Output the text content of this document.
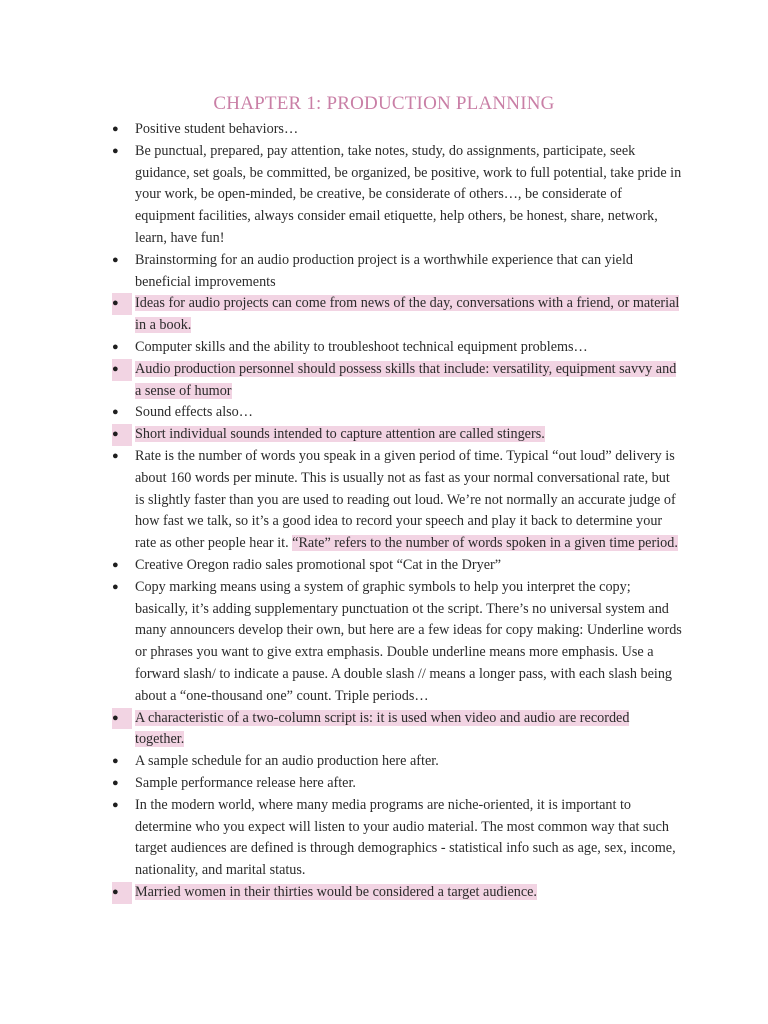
CHAPTER 1: PRODUCTION PLANNING
●	Positive student behaviors…
●	Be punctual, prepared, pay attention, take notes, study, do assignments, participate, seek guidance, set goals, be committed, be organized, be positive, work to full potential, take pride in your work, be open-minded, be creative, be considerate of others…, be considerate of equipment facilities, always consider email etiquette, help others, be honest, share, network, learn, have fun!
●	Brainstorming for an audio production project is a worthwhile experience that can yield beneficial improvements
●	Ideas for audio projects can come from news of the day, conversations with a friend, or material in a book.
●	Computer skills and the ability to troubleshoot technical equipment problems…
●	Audio production personnel should possess skills that include: versatility, equipment savvy and a sense of humor
●	Sound effects also…
●	Short individual sounds intended to capture attention are called stingers.
●	Rate is the number of words you speak in a given period of time. Typical “out loud” delivery is about 160 words per minute. This is usually not as fast as your normal conversational rate, but is slightly faster than you are used to reading out loud. We’re not normally an accurate judge of how fast we talk, so it’s a good idea to record your speech and play it back to determine your rate as other people hear it. “Rate” refers to the number of words spoken in a given time period.
●	Creative Oregon radio sales promotional spot “Cat in the Dryer”
●	Copy marking means using a system of graphic symbols to help you interpret the copy; basically, it’s adding supplementary punctuation ot the script. There’s no universal system and many announcers develop their own, but here are a few ideas for copy making: Underline words or phrases you want to give extra emphasis. Double underline means more emphasis. Use a forward slash/ to indicate a pause. A double slash // means a longer pass, with each slash being about a “one-thousand one” count. Triple periods…
●	A characteristic of a two-column script is: it is used when video and audio are recorded together.
●	A sample schedule for an audio production here after.
●	Sample performance release here after.
●	In the modern world, where many media programs are niche-oriented, it is important to determine who you expect will listen to your audio material. The most common way that such target audiences are defined is through demographics - statistical info such as age, sex, income, nationality, and marital status.
●	Married women in their thirties would be considered a target audience.
